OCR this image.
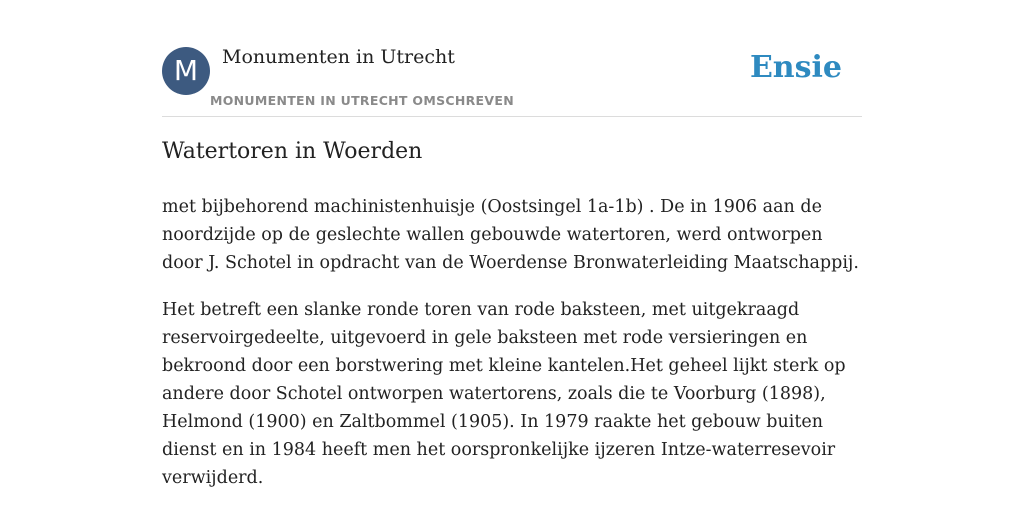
M	Monumenten in Utrecht
MONUMENTEN IN UTRECHT OMSCHREVEN
Ensie
Watertoren in Woerden

met bijbehorend machinistenhuisje (Oostsingel 1a-1b) . De in 1906 aan de noordzijde op de geslechte wallen gebouwde watertoren, werd ontworpen door J. Schotel in opdracht van de Woerdense Bronwaterleiding Maatschappij.

Het betreft een slanke ronde toren van rode baksteen, met uitgekraagd reservoirgedeelte, uitgevoerd in gele baksteen met rode versieringen en bekroond door een borstwering met kleine kantelen.Het geheel lijkt sterk op andere door Schotel ontworpen watertorens, zoals die te Voorburg (1898), Helmond (1900) en Zaltbommel (1905). In 1979 raakte het gebouw buiten dienst en in 1984 heeft men het oorspronkelijke ijzeren Intze-waterresevoir verwijderd.
